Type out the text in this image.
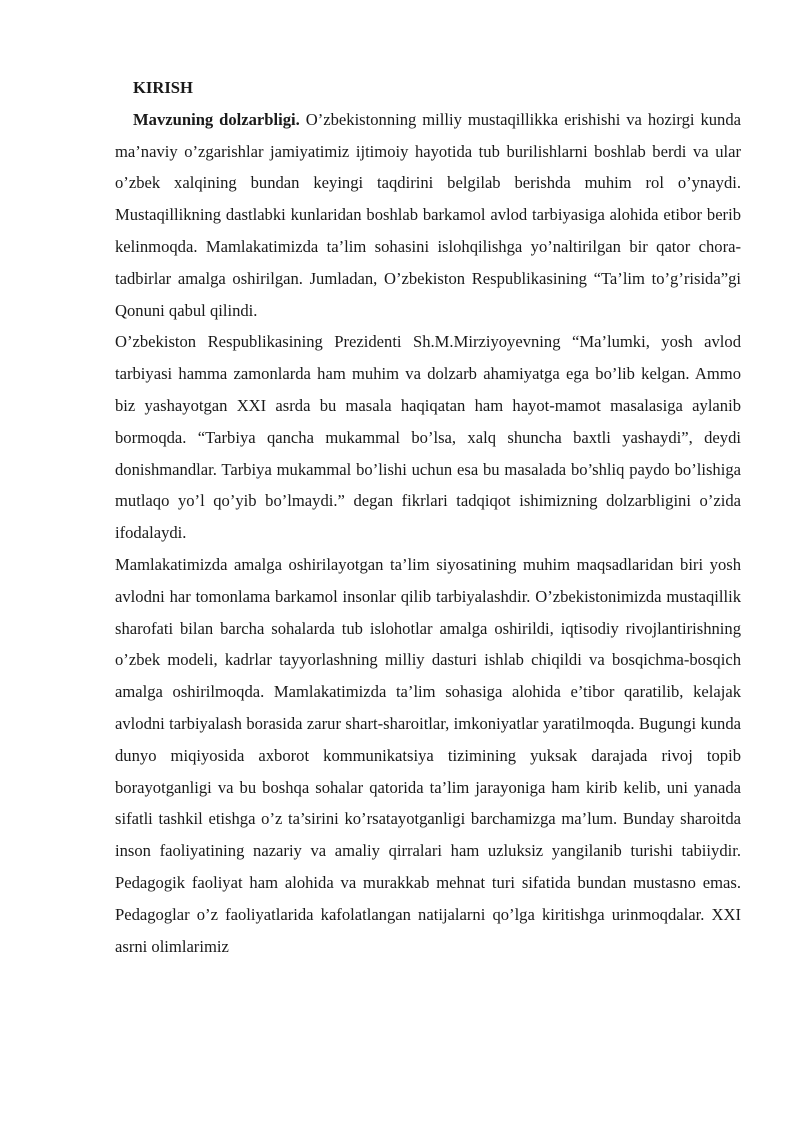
KIRISH

Mavzuning dolzarbligi. O’zbekistonning milliy mustaqillikka erishishi va hozirgi kunda ma’naviy o’zgarishlar jamiyatimiz ijtimoiy hayotida tub burilishlarni boshlab berdi va ular o’zbek xalqining bundan keyingi taqdirini belgilab berishda muhim rol o’ynaydi. Mustaqillikning dastlabki kunlaridan boshlab barkamol avlod tarbiyasiga alohida etibor berib kelinmoqda. Mamlakatimizda ta’lim sohasini islohqilishga yo’naltirilgan bir qator chora-tadbirlar amalga oshirilgan. Jumladan, O’zbekiston Respublikasining “Ta’lim to’g’risida”gi Qonuni qabul qilindi.

O’zbekiston Respublikasining Prezidenti Sh.M.Mirziyoyevning “Ma’lumki, yosh avlod tarbiyasi hamma zamonlarda ham muhim va dolzarb ahamiyatga ega bo’lib kelgan. Ammo biz yashayotgan XXI asrda bu masala haqiqatan ham hayot-mamot masalasiga aylanib bormoqda. “Tarbiya qancha mukammal bo’lsa, xalq shuncha baxtli yashaydi”, deydi donishmandlar. Tarbiya mukammal bo’lishi uchun esa bu masalada bo’shliq paydo bo’lishiga mutlaqo yo’l qo’yib bo’lmaydi.” degan fikrlari tadqiqot ishimizning dolzarbligini o’zida ifodalaydi.

Mamlakatimizda amalga oshirilayotgan ta’lim siyosatining muhim maqsadlaridan biri yosh avlodni har tomonlama barkamol insonlar qilib tarbiyalashdir. O’zbekistonimizda mustaqillik sharofati bilan barcha sohalarda tub islohotlar amalga oshirildi, iqtisodiy rivojlantirishning o’zbek modeli, kadrlar tayyorlashning milliy dasturi ishlab chiqildi va bosqichma-bosqich amalga oshirilmoqda. Mamlakatimizda ta’lim sohasiga alohida e’tibor qaratilib, kelajak avlodni tarbiyalash borasida zarur shart-sharoitlar, imkoniyatlar yaratilmoqda. Bugungi kunda dunyo miqiyosida axborot kommunikatsiya tizimining yuksak darajada rivoj topib borayotganligi va bu boshqa sohalar qatorida ta’lim jarayoniga ham kirib kelib, uni yanada sifatli tashkil etishga o’z ta’sirini ko’rsatayotganligi barchamizga ma’lum. Bunday sharoitda inson faoliyatining nazariy va amaliy qirralari ham uzluksiz yangilanib turishi tabiiydir. Pedagogik faoliyat ham alohida va murakkab mehnat turi sifatida bundan mustasno emas. Pedagoglar o’z faoliyatlarida kafolatlangan natijalarni qo’lga kiritishga urinmoqdalar. XXI asrni olimlarimiz
